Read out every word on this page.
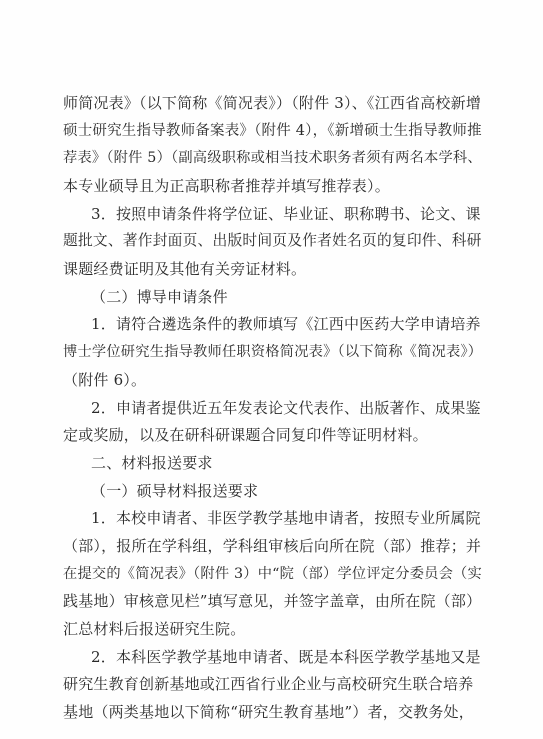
师简况表》（以下简称《简况表》）（附件 3）、《江西省高校新增
硕士研究生指导教师备案表》（附件 4），《新增硕士生指导教师推
荐表》（附件 5）（副高级职称或相当技术职务者须有两名本学科、
本专业硕导且为正高职称者推荐并填写推荐表）。
3．按照申请条件将学位证、毕业证、职称聘书、论文、课
题批文、著作封面页、出版时间页及作者姓名页的复印件、科研
课题经费证明及其他有关旁证材料。
（二）博导申请条件
1．请符合遴选条件的教师填写《江西中医药大学申请培养
博士学位研究生指导教师任职资格简况表》（以下简称《简况表》）
（附件 6）。
2．申请者提供近五年发表论文代表作、出版著作、成果鉴
定或奖励，以及在研科研课题合同复印件等证明材料。
二、材料报送要求
（一）硕导材料报送要求
1．本校申请者、非医学教学基地申请者，按照专业所属院
（部），报所在学科组，学科组审核后向所在院（部）推荐；并
在提交的《简况表》（附件 3）中“院（部）学位评定分委员会（实
践基地）审核意见栏”填写意见，并签字盖章，由所在院（部）
汇总材料后报送研究生院。
2．本科医学教学基地申请者、既是本科医学教学基地又是
研究生教育创新基地或江西省行业企业与高校研究生联合培养
基地（两类基地以下简称“研究生教育基地”）者，交教务处，
